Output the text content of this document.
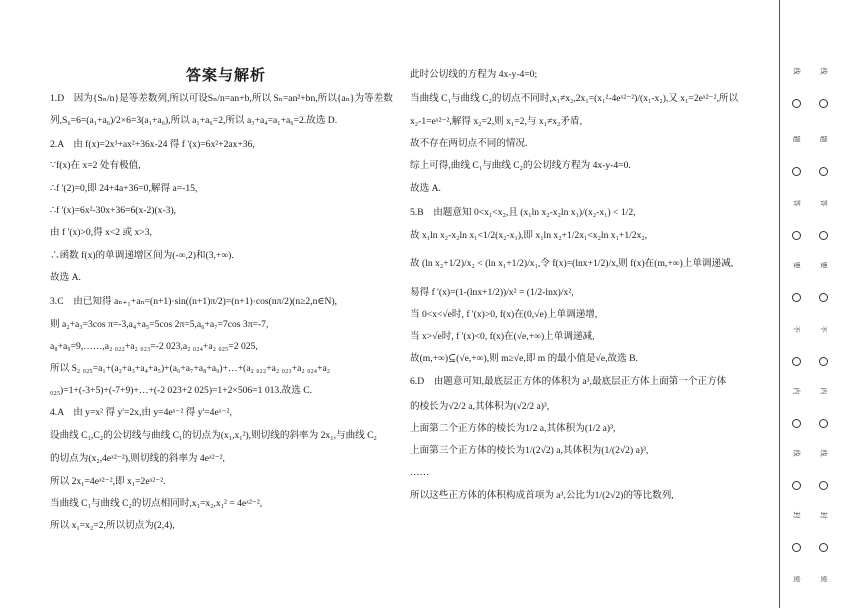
答案与解析
1.D　因为{Sₙ/n}是等差数列,所以可设Sₙ/n=an+b,所以 Sₙ=an²+bn,所以{aₙ}为等差数
列,S₆=6=(a₁+a₆)/2×6=3(a₁+a₆),所以 a₁+a₆=2,所以 a₃+a₄=a₁+a₆=2.故选 D.
2.A　由 f(x)=2x³+ax²+36x-24 得 f '(x)=6x²+2ax+36,
∵f(x)在 x=2 处有极值,
∴f '(2)=0,即 24+4a+36=0,解得 a=-15,
∴f '(x)=6x²-30x+36=6(x-2)(x-3),
由 f '(x)>0,得 x<2 或 x>3,
∴函数 f(x)的单调递增区间为(-∞,2)和(3,+∞).
故选 A.
3.C　由已知得 aₙ₊₁+aₙ=(n+1)·sin((n+1)π/2)=(n+1)·cos(nπ/2)(n≥2,n∈N),
则 a₂+a₃=3cos π=-3,a₄+a₅=5cos 2π=5,a₆+a₇=7cos 3π=-7,
a₈+a₉=9,……,a₂ ₀₂₂+a₂ ₀₂₃=-2 023,a₂ ₀₂₄+a₂ ₀₂₅=2 025,
所以 S₂ ₀₂₅=a₁+(a₂+a₃+a₄+a₅)+(a₆+a₇+a₈+a₉)+…+(a₂ ₀₂₂+a₂ ₀₂₃+a₂ ₀₂₄+a₂
₀₂₅)=1+(-3+5)+(-7+9)+…+(-2 023+2 025)=1+2×506=1 013.故选 C.
4.A　由 y=x² 得 y'=2x,由 y=4eˣ⁻² 得 y'=4eˣ⁻²,
设曲线 C₁,C₂的公切线与曲线 C₁的切点为(x₁,x₁²),则切线的斜率为 2x₁,与曲线 C₂
的切点为(x₂,4eˣ²⁻²),则切线的斜率为 4eˣ²⁻²,
所以 2x₁=4eˣ²⁻²,即 x₁=2eˣ²⁻².
当曲线 C₁与曲线 C₂的切点相同时,x₁=x₂,x₁² = 4eˣ²⁻²,
所以 x₁=x₂=2,所以切点为(2,4),
此时公切线的方程为 4x-y-4=0;
当曲线 C₁与曲线 C₂的切点不同时,x₁≠x₂,2x₁=(x₁²-4eˣ²⁻²)/(x₁-x₂),又 x₁=2eˣ²⁻²,所以
x₂-1=eˣ²⁻²,解得 x₂=2,则 x₁=2,与 x₁≠x₂矛盾,
故不存在两切点不同的情况.
综上可得,曲线 C₁与曲线 C₂的公切线方程为 4x-y-4=0.
故选 A.
5.B　由题意知 0<x₁<x₂,且 (x₁ln x₂-x₂ln x₁)/(x₂-x₁) < 1/2,
故 x₁ln x₂-x₂ln x₁<1/2(x₂-x₁),即 x₁ln x₂+1/2x₁<x₂ln x₁+1/2x₂,
故 (ln x₂+1/2)/x₂ < (ln x₁+1/2)/x₁,令 f(x)=(lnx+1/2)/x,则 f(x)在(m,+∞)上单调递减,
易得 f '(x)=(1-(lnx+1/2))/x² = (1/2-lnx)/x²,
当 0<x<√e时, f '(x)>0, f(x)在(0,√e)上单调递增,
当 x>√e时, f '(x)<0, f(x)在(√e,+∞)上单调递减,
故(m,+∞)⊆(√e,+∞),则 m≥√e,即 m 的最小值是√e,故选 B.
6.D　由题意可知,最底层正方体的体积为 a³,最底层正方体上面第一个正方体
的棱长为√2/2 a,其体积为(√2/2 a)³,
上面第二个正方体的棱长为1/2 a,其体积为(1/2 a)³,
上面第三个正方体的棱长为1/(2√2) a,其体积为(1/(2√2) a)³,
……
所以这些正方体的体积构成首项为 a³,公比为1/(2√2)的等比数列,
线
题
答
要
不
内
线
封
密
线
题
答
要
不
内
线
封
密
